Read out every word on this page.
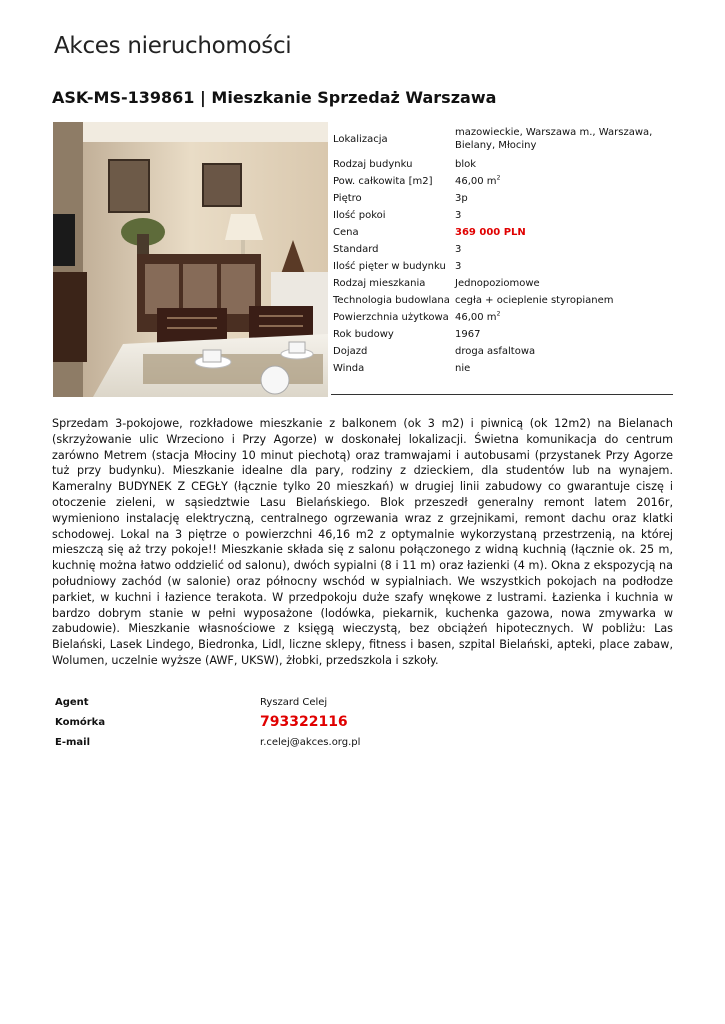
Akces nieruchomości
ASK-MS-139861 | Mieszkanie Sprzedaż Warszawa
Lokalizacja	mazowieckie, Warszawa m., Warszawa, Bielany, Młociny
Rodzaj budynku	blok
Pow. całkowita [m2]	46,00 $m^2$
Piętro	3p
Ilość pokoi	3
Cena	369 000 PLN
Standard	3
Ilość pięter w budynku	3
Rodzaj mieszkania	Jednopoziomowe
Technologia budowlana	cegła + ocieplenie styropianem
Powierzchnia użytkowa	46,00 $m^2$
Rok budowy	1967
Dojazd	droga asfaltowa
Winda	nie

Sprzedam 3-pokojowe, rozkładowe mieszkanie z balkonem (ok 3 m2) i piwnicą (ok 12m2) na Bielanach (skrzyżowanie ulic Wrzeciono i Przy Agorze) w doskonałej lokalizacji. Świetna komunikacja do centrum zarówno Metrem (stacja Młociny 10 minut piechotą) oraz tramwajami i autobusami (przystanek Przy Agorze tuż przy budynku). Mieszkanie idealne dla pary, rodziny z dzieckiem, dla studentów lub na wynajem. Kameralny BUDYNEK Z CEGŁY (łącznie tylko 20 mieszkań) w drugiej linii zabudowy co gwarantuje ciszę i otoczenie zieleni, w sąsiedztwie Lasu Bielańskiego. Blok przeszedł generalny remont latem 2016r, wymieniono instalację elektryczną, centralnego ogrzewania wraz z grzejnikami, remont dachu oraz klatki schodowej. Lokal na 3 piętrze o powierzchni 46,16 m2 z optymalnie wykorzystaną przestrzenią, na której mieszczą się aż trzy pokoje!! Mieszkanie składa się z salonu połączonego z widną kuchnią (łącznie ok. 25 m, kuchnię można łatwo oddzielić od salonu), dwóch sypialni (8 i 11 m) oraz łazienki (4 m). Okna z ekspozycją na południowy zachód (w salonie) oraz północny wschód w sypialniach. We wszystkich pokojach na podłodze parkiet, w kuchni i łazience terakota. W przedpokoju duże szafy wnękowe z lustrami. Łazienka i kuchnia w bardzo dobrym stanie w pełni wyposażone (lodówka, piekarnik, kuchenka gazowa, nowa zmywarka w zabudowie). Mieszkanie własnościowe z księgą wieczystą, bez obciążeń hipotecznych. W pobliżu: Las Bielański, Lasek Lindego, Biedronka, Lidl, liczne sklepy, fitness i basen, szpital Bielański, apteki, place zabaw, Wolumen, uczelnie wyższe (AWF, UKSW), żłobki, przedszkola i szkoły.
Agent	Ryszard Celej
Komórka	793322116
E-mail	r.celej@akces.org.pl
